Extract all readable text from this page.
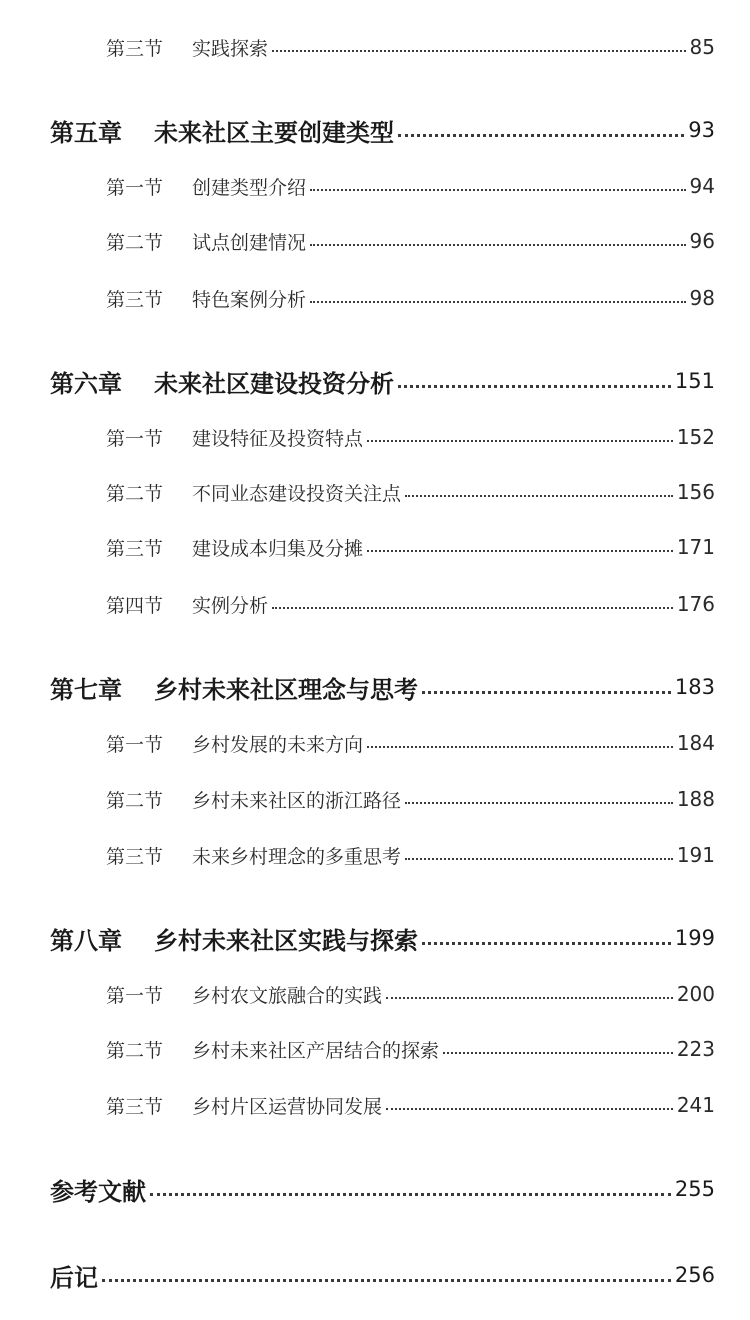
第三节	实践探索	85
第五章	未来社区主要创建类型	93
第一节	创建类型介绍	94
第二节	试点创建情况	96
第三节	特色案例分析	98
第六章	未来社区建设投资分析	151
第一节	建设特征及投资特点	152
第二节	不同业态建设投资关注点	156
第三节	建设成本归集及分摊	171
第四节	实例分析	176
第七章	乡村未来社区理念与思考	183
第一节	乡村发展的未来方向	184
第二节	乡村未来社区的浙江路径	188
第三节	未来乡村理念的多重思考	191
第八章	乡村未来社区实践与探索	199
第一节	乡村农文旅融合的实践	200
第二节	乡村未来社区产居结合的探索	223
第三节	乡村片区运营协同发展	241
参考文献	255
后记	256
